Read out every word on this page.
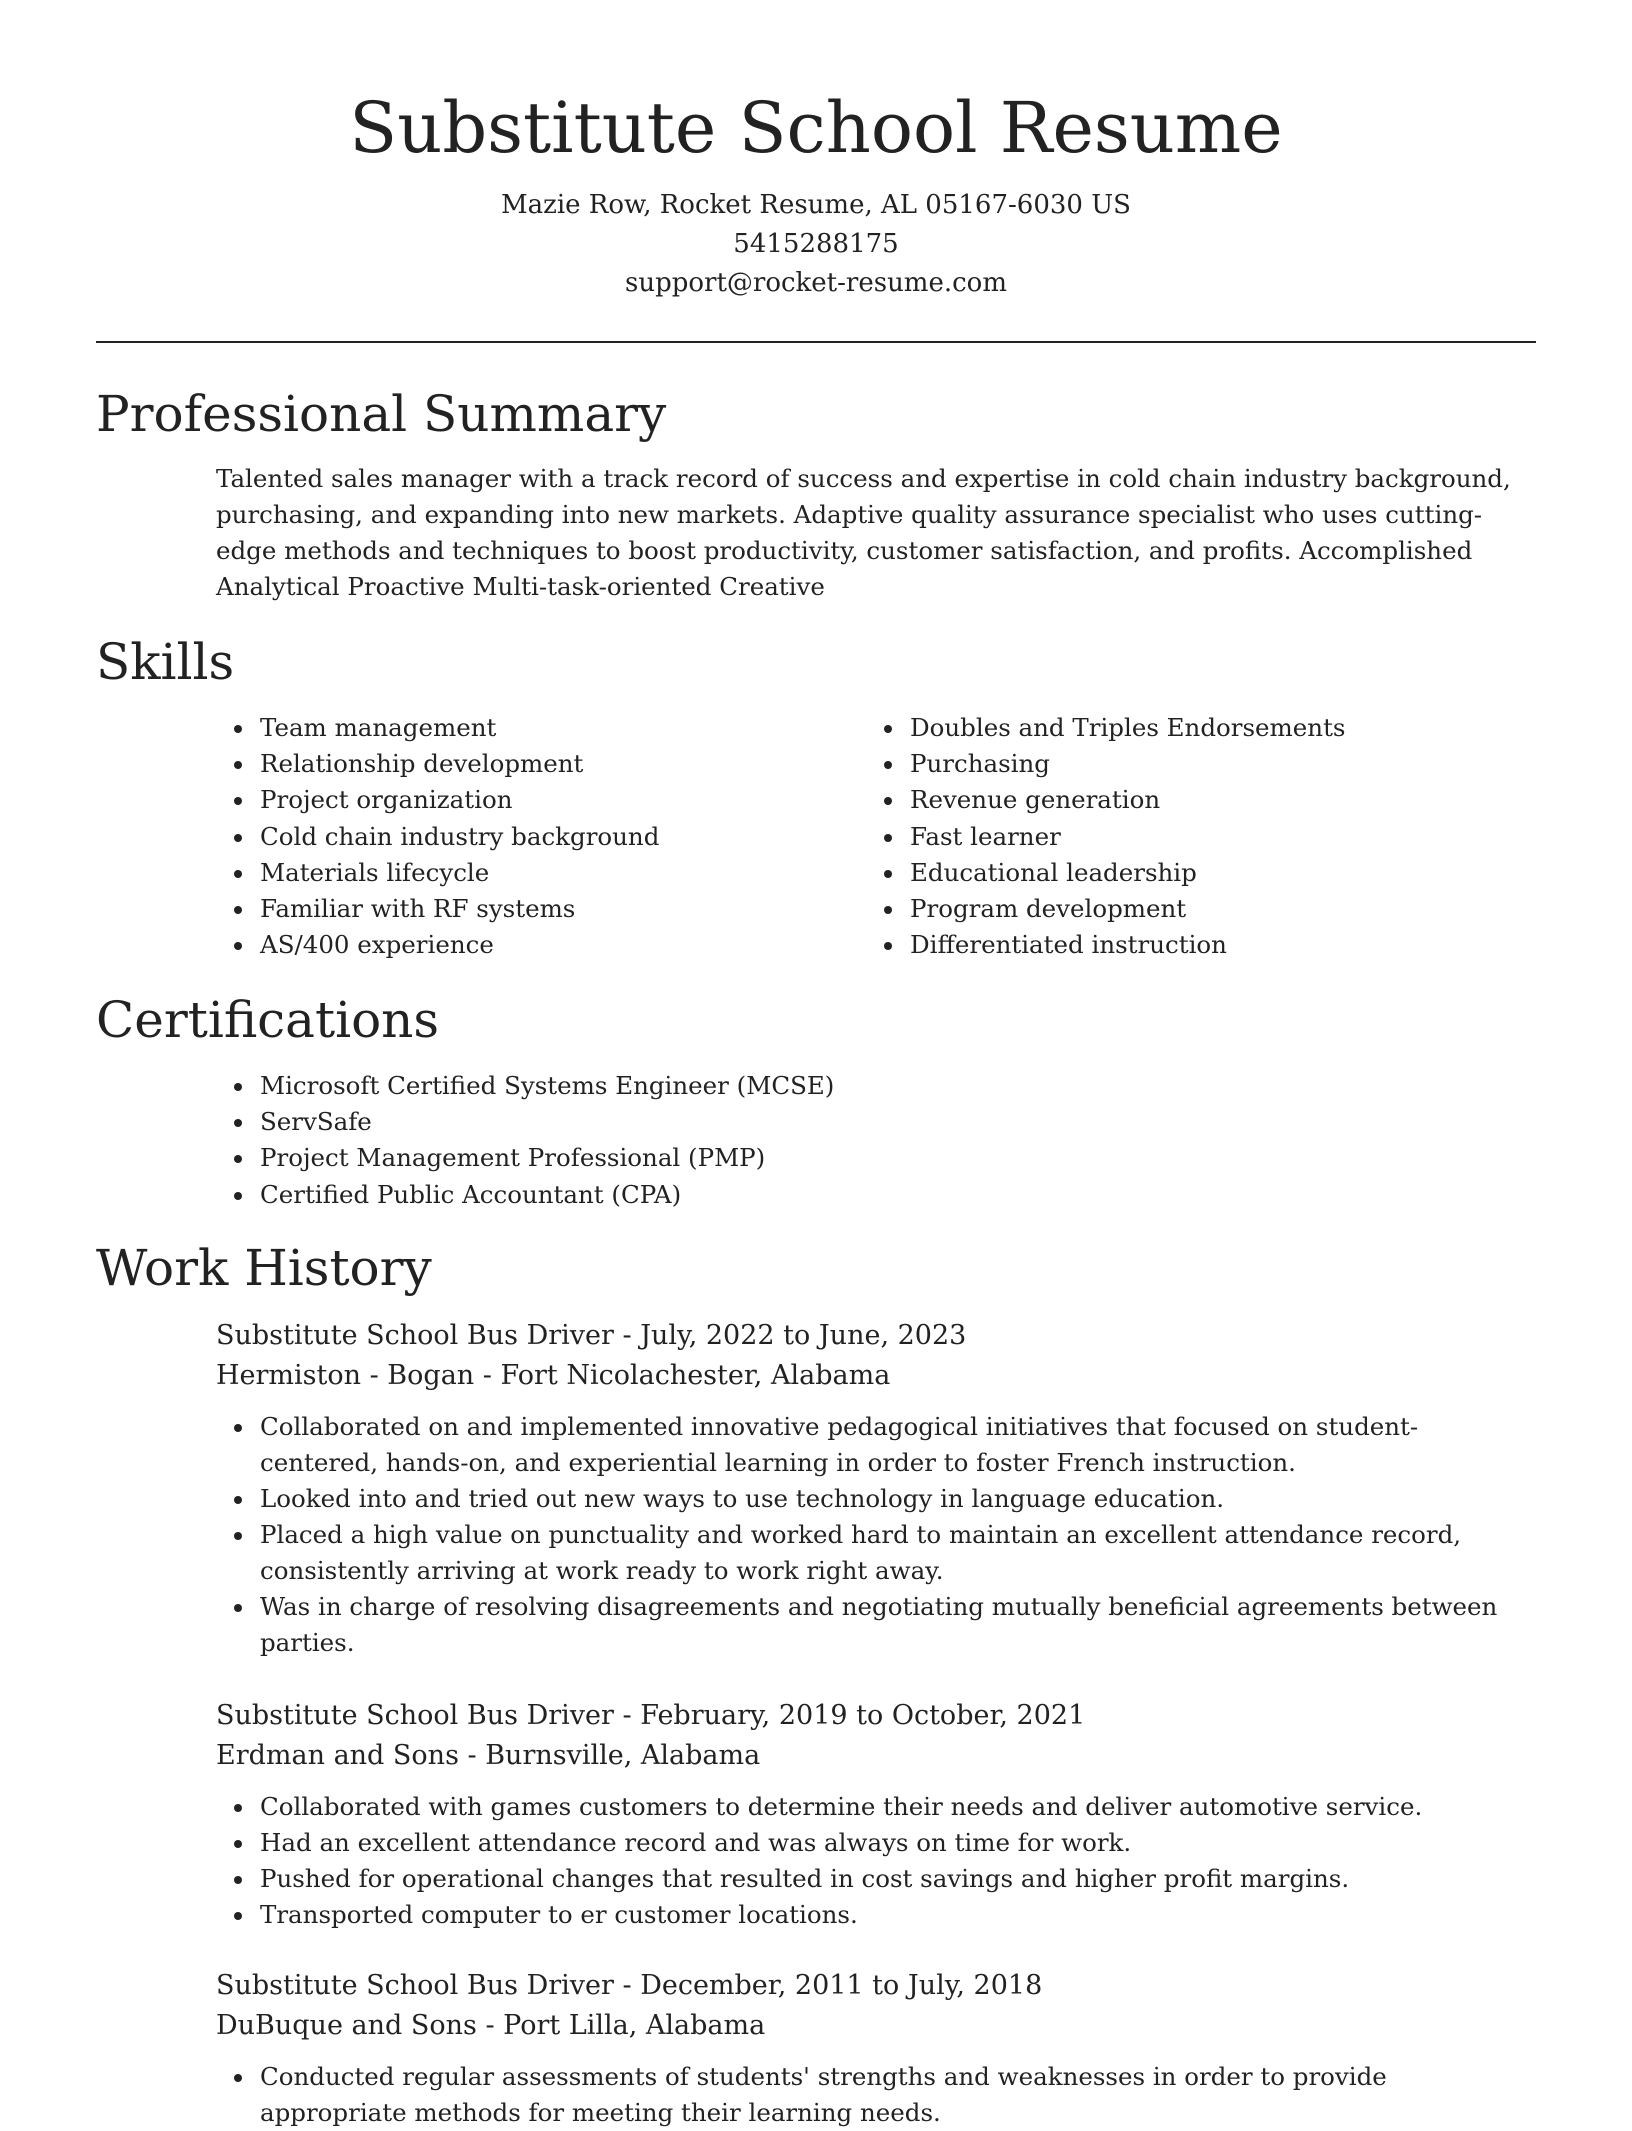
Substitute School Resume
Mazie Row, Rocket Resume, AL 05167-6030 US
5415288175
support@rocket-resume.com
Professional Summary

Talented sales manager with a track record of success and expertise in cold chain industry background, purchasing, and expanding into new markets. Adaptive quality assurance specialist who uses cutting-edge methods and techniques to boost productivity, customer satisfaction, and profits. Accomplished Analytical Proactive Multi-task-oriented Creative

Skills
Team management
Relationship development
Project organization
Cold chain industry background
Materials lifecycle
Familiar with RF systems
AS/400 experience
Doubles and Triples Endorsements
Purchasing
Revenue generation
Fast learner
Educational leadership
Program development
Differentiated instruction
Certifications
Microsoft Certified Systems Engineer (MCSE)
ServSafe
Project Management Professional (PMP)
Certified Public Accountant (CPA)
Work History
Substitute School Bus Driver - July, 2022 to June, 2023
Hermiston - Bogan - Fort Nicolachester, Alabama
Collaborated on and implemented innovative pedagogical initiatives that focused on student-centered, hands-on, and experiential learning in order to foster French instruction.
Looked into and tried out new ways to use technology in language education.
Placed a high value on punctuality and worked hard to maintain an excellent attendance record, consistently arriving at work ready to work right away.
Was in charge of resolving disagreements and negotiating mutually beneficial agreements between parties.
Substitute School Bus Driver - February, 2019 to October, 2021
Erdman and Sons - Burnsville, Alabama
Collaborated with games customers to determine their needs and deliver automotive service.
Had an excellent attendance record and was always on time for work.
Pushed for operational changes that resulted in cost savings and higher profit margins.
Transported computer to er customer locations.
Substitute School Bus Driver - December, 2011 to July, 2018
DuBuque and Sons - Port Lilla, Alabama
Conducted regular assessments of students' strengths and weaknesses in order to provide appropriate methods for meeting their learning needs.
